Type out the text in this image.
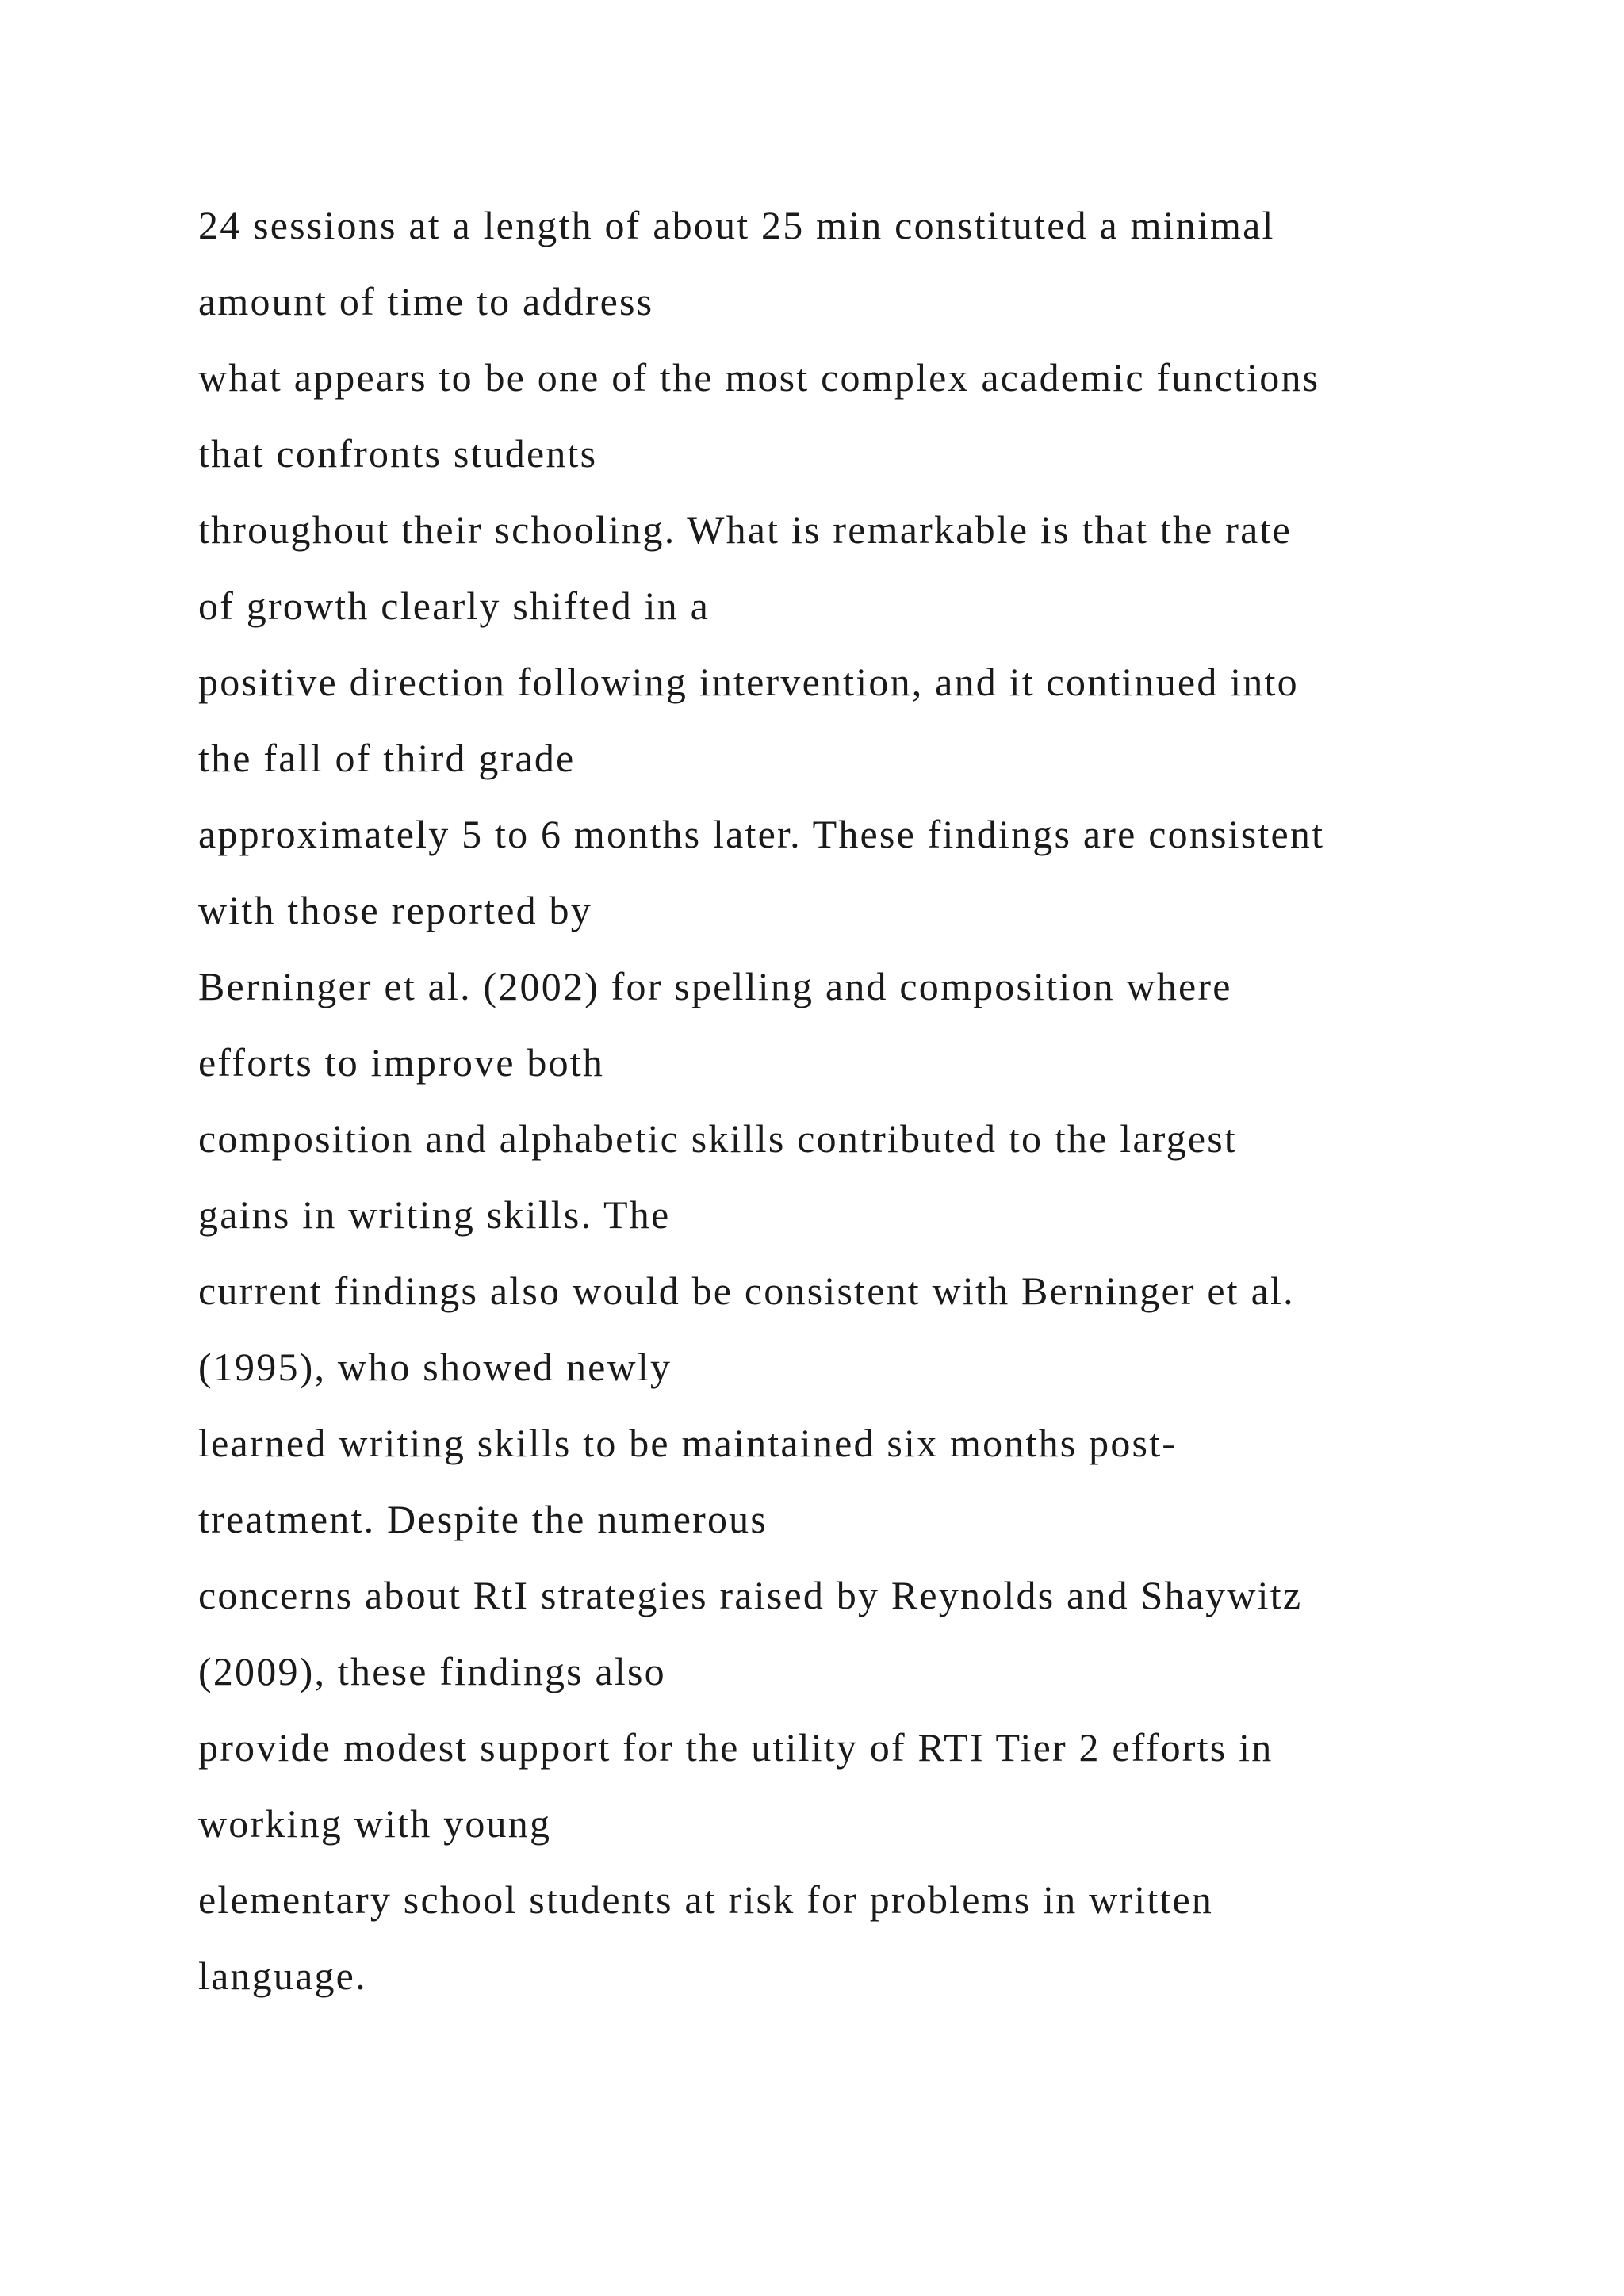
24 sessions at a length of about 25 min constituted a minimal
amount of time to address
what appears to be one of the most complex academic functions
that confronts students
throughout their schooling. What is remarkable is that the rate
of growth clearly shifted in a
positive direction following intervention, and it continued into
the fall of third grade
approximately 5 to 6 months later. These findings are consistent
with those reported by
Berninger et al. (2002) for spelling and composition where
efforts to improve both
composition and alphabetic skills contributed to the largest
gains in writing skills. The
current findings also would be consistent with Berninger et al.
(1995), who showed newly
learned writing skills to be maintained six months post-
treatment. Despite the numerous
concerns about RtI strategies raised by Reynolds and Shaywitz
(2009), these findings also
provide modest support for the utility of RTI Tier 2 efforts in
working with young
elementary school students at risk for problems in written
language.
